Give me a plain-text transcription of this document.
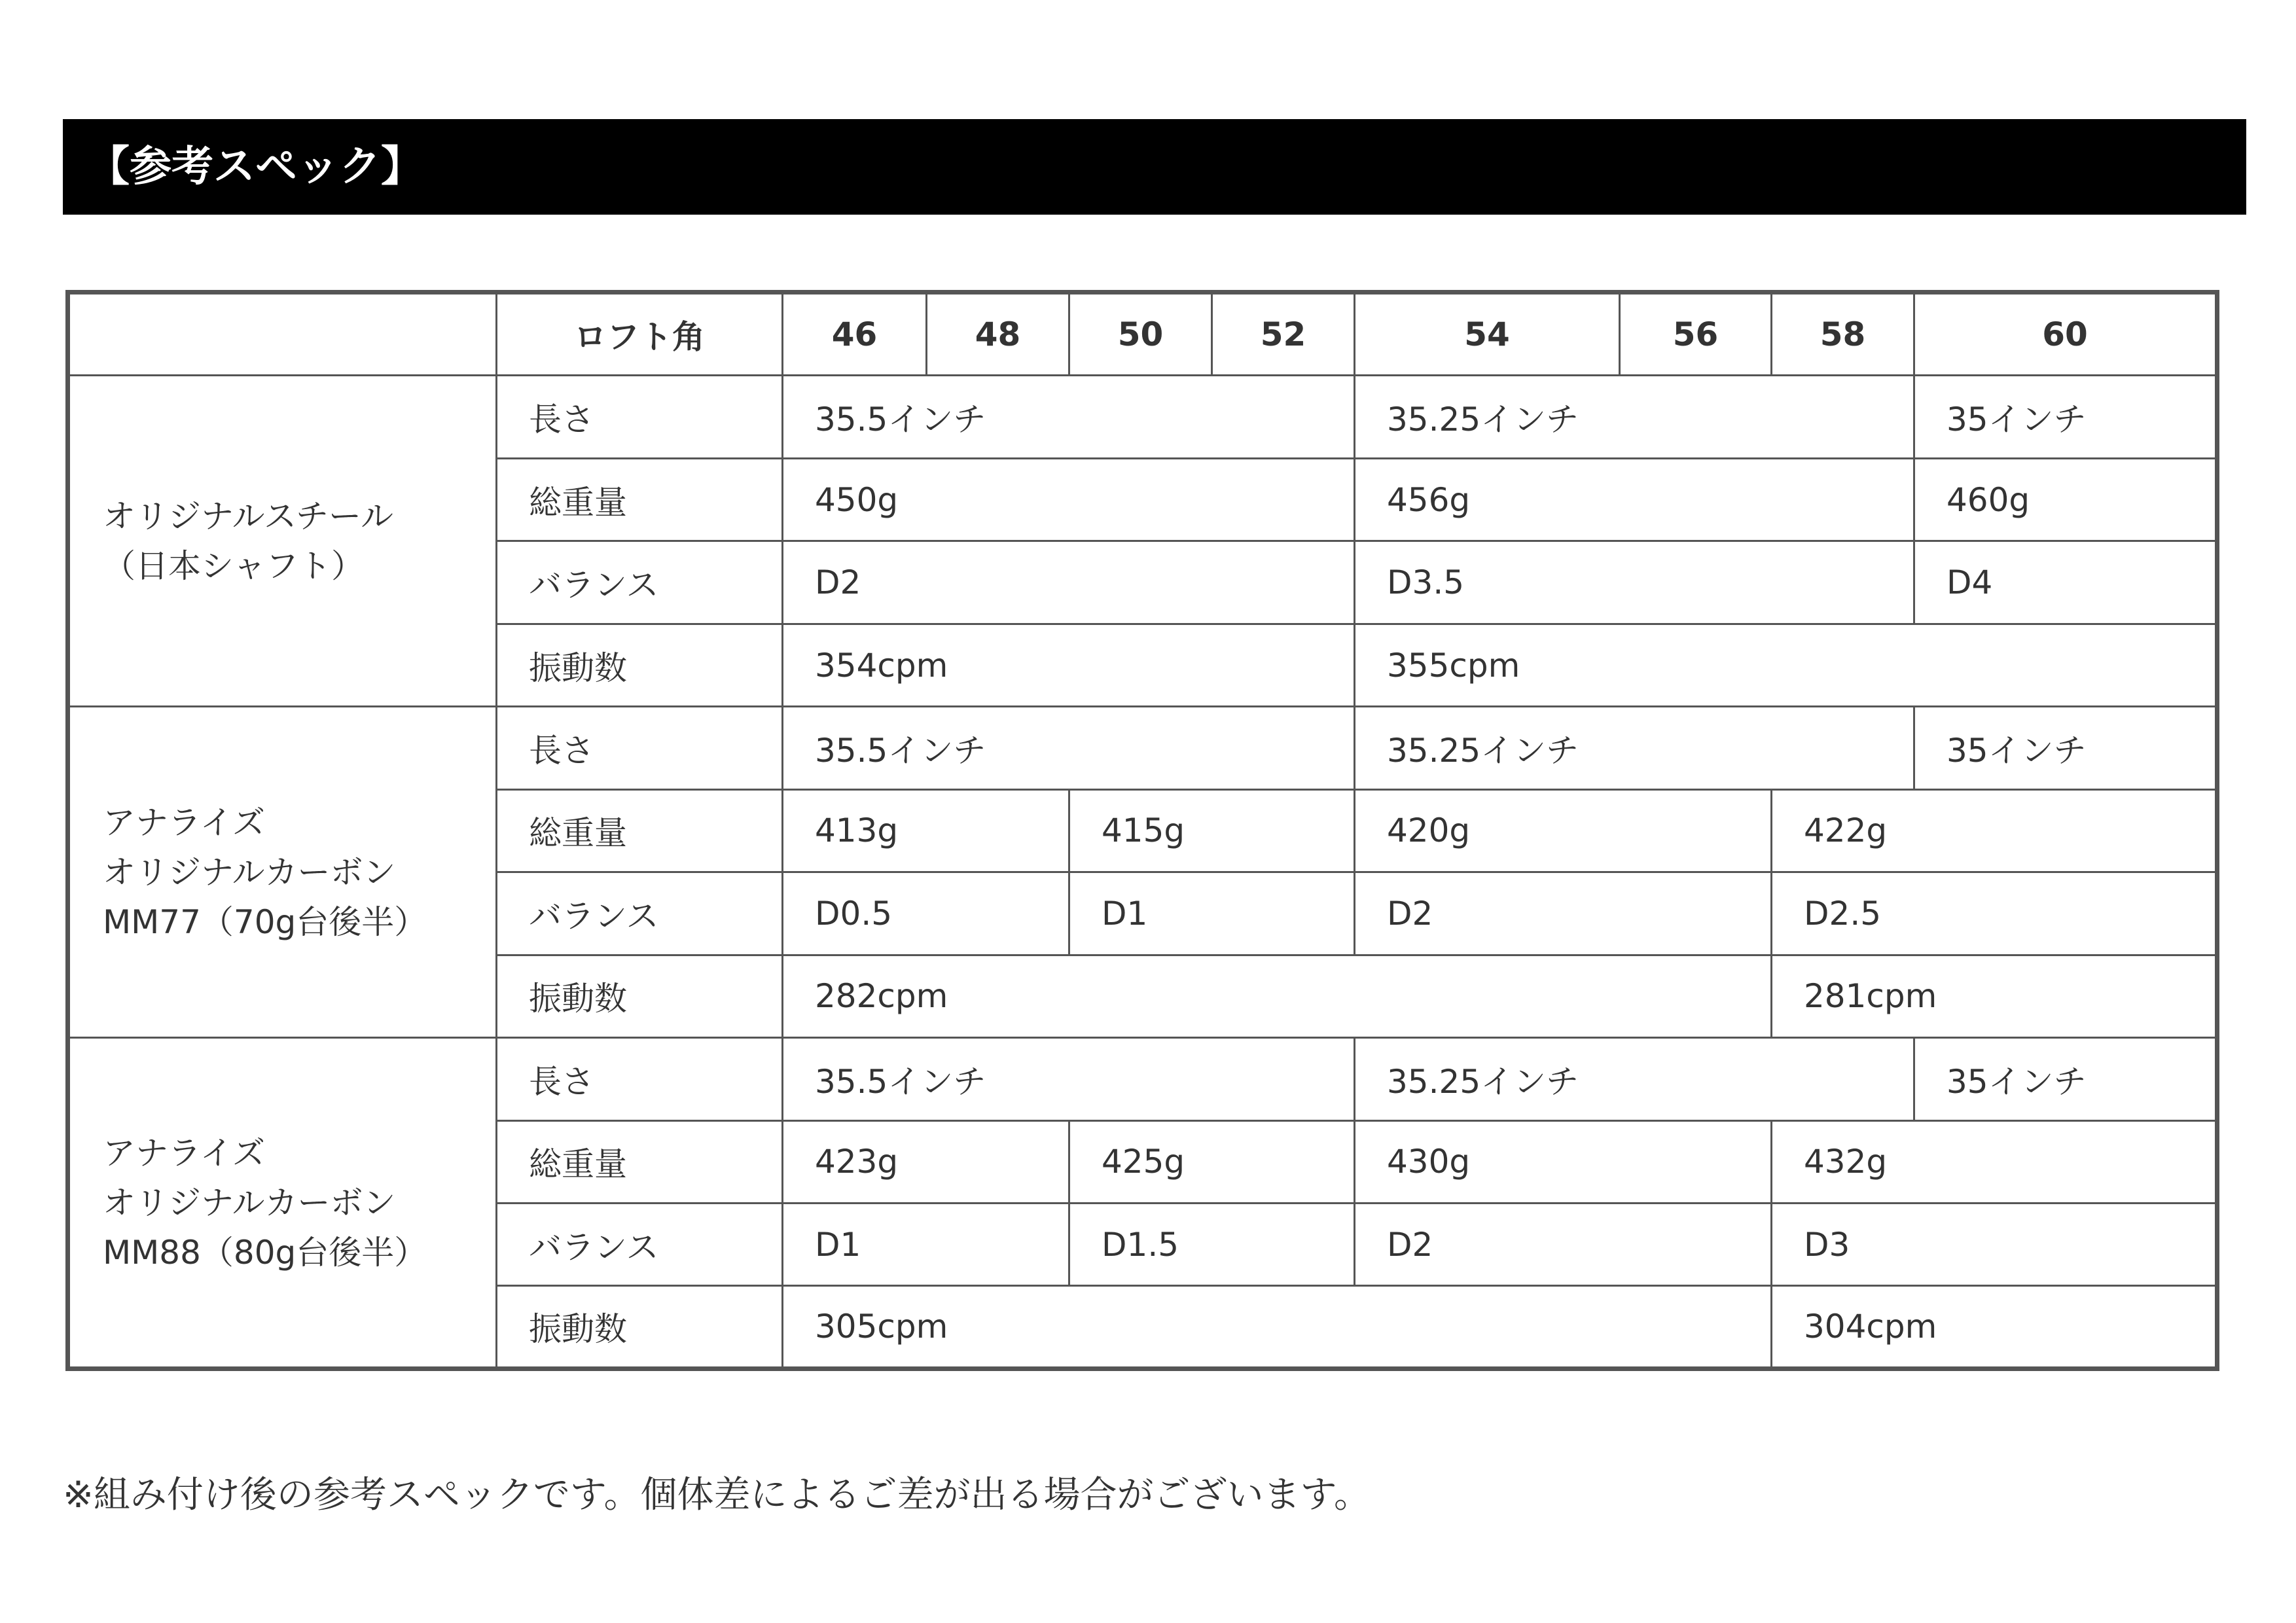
【参考スペック】
	ロフト角	46	48	50	52	54	56	58	60

オリジナルスチール
（日本シャフト）	長さ	35.5インチ				35.25インチ			35インチ
	総重量	450g				456g			460g
	バランス	D2				D3.5			D4
	振動数	354cpm				355cpm			

アナライズ
オリジナルカーボン
MM77（70g台後半）	長さ	35.5インチ				35.25インチ			35インチ
	総重量	413g		415g		420g		422g	
	バランス	D0.5		D1		D2		D2.5	
	振動数	282cpm						281cpm	

アナライズ
オリジナルカーボン
MM88（80g台後半）	長さ	35.5インチ				35.25インチ			35インチ
	総重量	423g		425g		430g		432g	
	バランス	D1		D1.5		D2		D3	
	振動数	305cpm						304cpm	
※組み付け後の参考スペックです。個体差によるご差が出る場合がございます。
